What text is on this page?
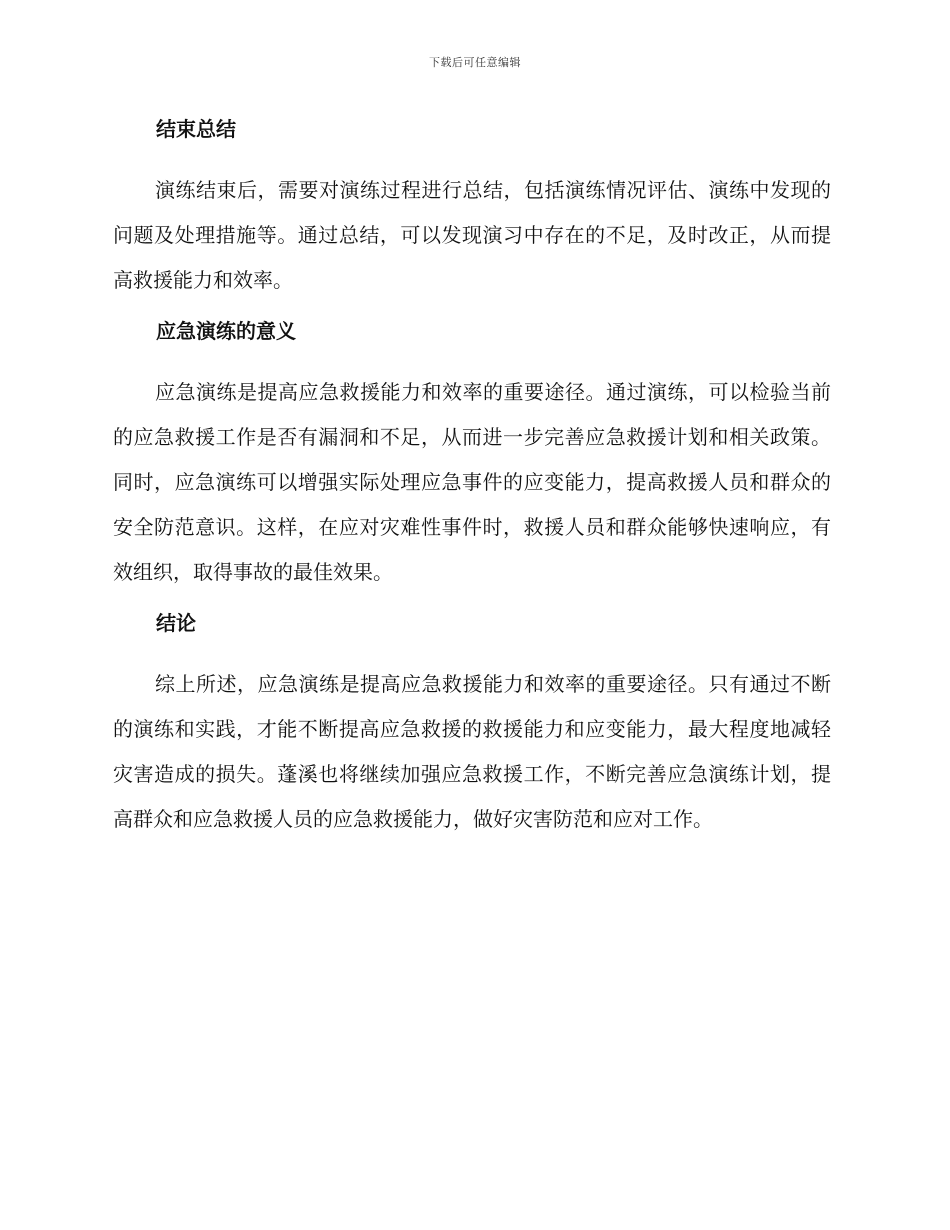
下载后可任意编辑
结束总结

演练结束后，需要对演练过程进行总结，包括演练情况评估、演练中发现的问题及处理措施等。通过总结，可以发现演习中存在的不足，及时改正，从而提高救援能力和效率。

应急演练的意义

应急演练是提高应急救援能力和效率的重要途径。通过演练，可以检验当前的应急救援工作是否有漏洞和不足，从而进一步完善应急救援计划和相关政策。同时，应急演练可以增强实际处理应急事件的应变能力，提高救援人员和群众的安全防范意识。这样，在应对灾难性事件时，救援人员和群众能够快速响应，有效组织，取得事故的最佳效果。

结论

综上所述，应急演练是提高应急救援能力和效率的重要途径。只有通过不断的演练和实践，才能不断提高应急救援的救援能力和应变能力，最大程度地减轻灾害造成的损失。蓬溪也将继续加强应急救援工作，不断完善应急演练计划，提高群众和应急救援人员的应急救援能力，做好灾害防范和应对工作。
